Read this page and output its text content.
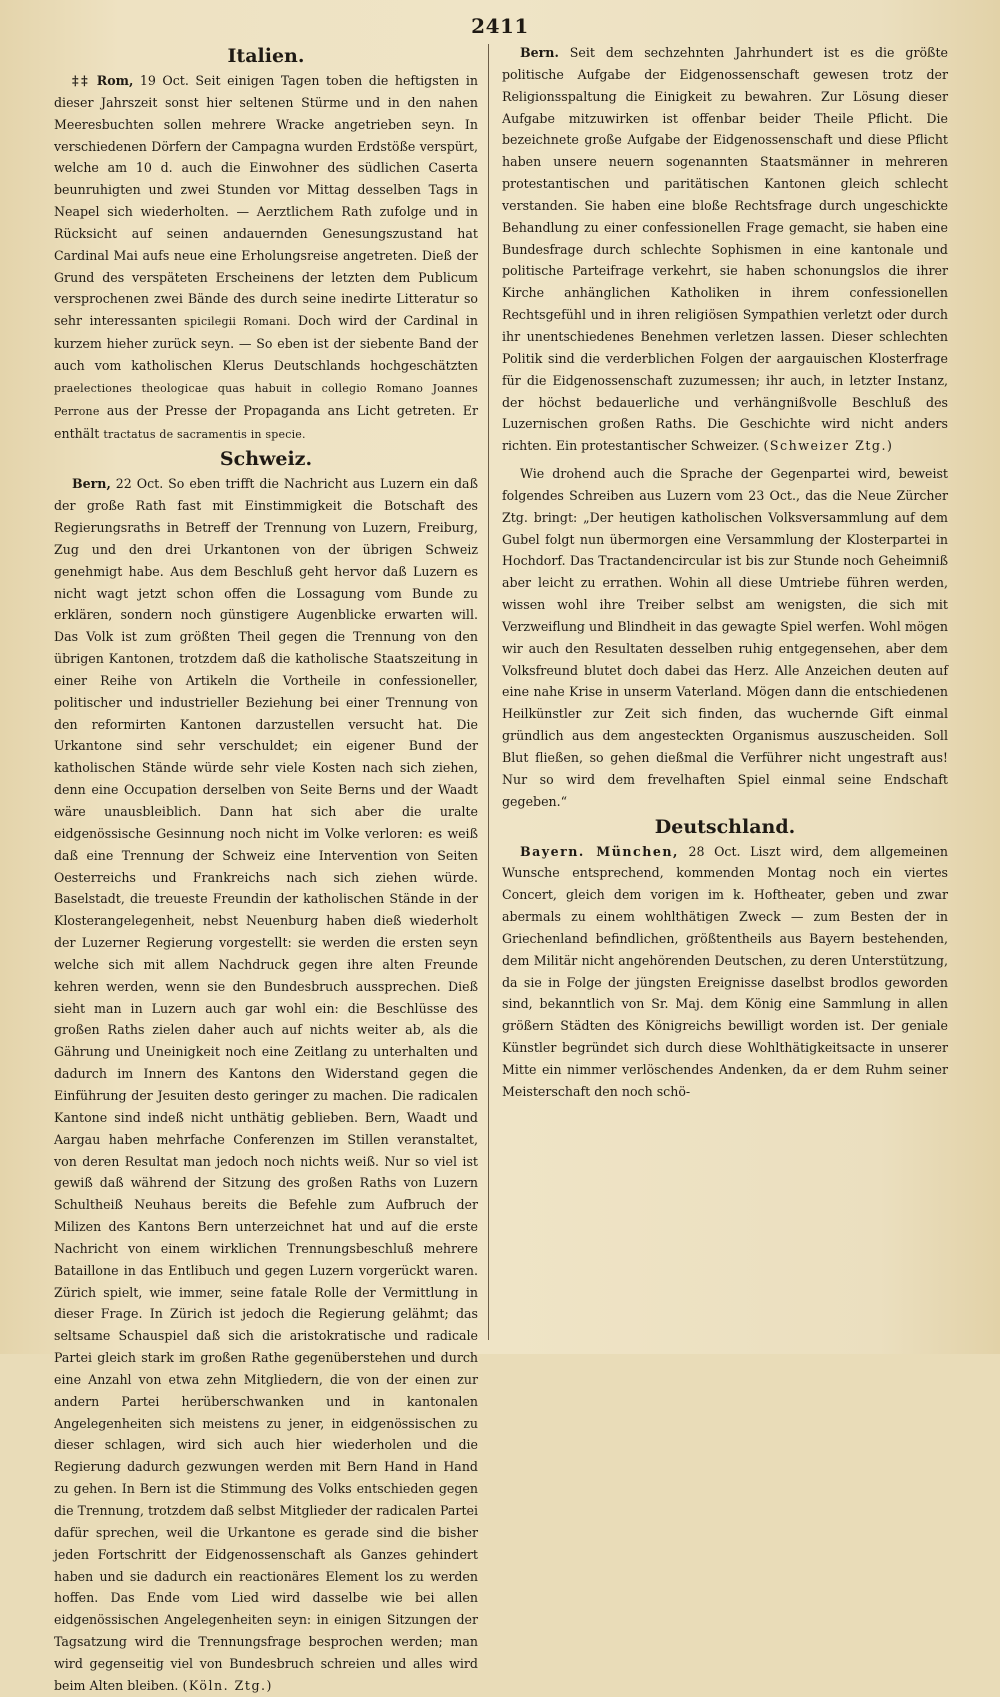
2411
Italien.

‡‡ Rom, 19 Oct. Seit einigen Tagen toben die heftigsten in dieser Jahrszeit sonst hier seltenen Stürme und in den nahen Meeresbuchten sollen mehrere Wracke angetrieben seyn. In verschiedenen Dörfern der Campagna wurden Erdstöße verspürt, welche am 10 d. auch die Einwohner des südlichen Caserta beunruhigten und zwei Stunden vor Mittag desselben Tags in Neapel sich wiederholten. — Aerztlichem Rath zufolge und in Rücksicht auf seinen andauernden Genesungszustand hat Cardinal Mai aufs neue eine Erholungsreise angetreten. Dieß der Grund des verspäteten Erscheinens der letzten dem Publicum versprochenen zwei Bände des durch seine inedirte Litteratur so sehr interessanten spicilegii Romani. Doch wird der Cardinal in kurzem hieher zurück seyn. — So eben ist der siebente Band der auch vom katholischen Klerus Deutschlands hochgeschätzten praelectiones theologicae quas habuit in collegio Romano Joannes Perrone aus der Presse der Propaganda ans Licht getreten. Er enthält tractatus de sacramentis in specie.

Schweiz.

Bern, 22 Oct. So eben trifft die Nachricht aus Luzern ein daß der große Rath fast mit Einstimmigkeit die Botschaft des Regierungsraths in Betreff der Trennung von Luzern, Freiburg, Zug und den drei Urkantonen von der übrigen Schweiz genehmigt habe. Aus dem Beschluß geht hervor daß Luzern es nicht wagt jetzt schon offen die Lossagung vom Bunde zu erklären, sondern noch günstigere Augenblicke erwarten will. Das Volk ist zum größten Theil gegen die Trennung von den übrigen Kantonen, trotzdem daß die katholische Staatszeitung in einer Reihe von Artikeln die Vortheile in confessioneller, politischer und industrieller Beziehung bei einer Trennung von den reformirten Kantonen darzustellen versucht hat. Die Urkantone sind sehr verschuldet; ein eigener Bund der katholischen Stände würde sehr viele Kosten nach sich ziehen, denn eine Occupation derselben von Seite Berns und der Waadt wäre unausbleiblich. Dann hat sich aber die uralte eidgenössische Gesinnung noch nicht im Volke verloren: es weiß daß eine Trennung der Schweiz eine Intervention von Seiten Oesterreichs und Frankreichs nach sich ziehen würde. Baselstadt, die treueste Freundin der katholischen Stände in der Klosterangelegenheit, nebst Neuenburg haben dieß wiederholt der Luzerner Regierung vorgestellt: sie werden die ersten seyn welche sich mit allem Nachdruck gegen ihre alten Freunde kehren werden, wenn sie den Bundesbruch aussprechen. Dieß sieht man in Luzern auch gar wohl ein: die Beschlüsse des großen Raths zielen daher auch auf nichts weiter ab, als die Gährung und Uneinigkeit noch eine Zeitlang zu unterhalten und dadurch im Innern des Kantons den Widerstand gegen die Einführung der Jesuiten desto geringer zu machen. Die radicalen Kantone sind indeß nicht unthätig geblieben. Bern, Waadt und Aargau haben mehrfache Conferenzen im Stillen veranstaltet, von deren Resultat man jedoch noch nichts weiß. Nur so viel ist gewiß daß während der Sitzung des großen Raths von Luzern Schultheiß Neuhaus bereits die Befehle zum Aufbruch der Milizen des Kantons Bern unterzeichnet hat und auf die erste Nachricht von einem wirklichen Trennungsbeschluß mehrere Bataillone in das Entlibuch und gegen Luzern vorgerückt waren. Zürich spielt, wie immer, seine fatale Rolle der Vermittlung in dieser Frage. In Zürich ist jedoch die Regierung gelähmt; das seltsame Schauspiel daß sich die aristokratische und radicale Partei gleich stark im großen Rathe gegenüberstehen und durch eine Anzahl von etwa zehn Mitgliedern, die von der einen zur andern Partei herüberschwanken und in kantonalen Angelegenheiten sich meistens zu jener, in eidgenössischen zu dieser schlagen, wird sich auch hier wiederholen und die Regierung dadurch gezwungen werden mit Bern Hand in Hand zu gehen. In Bern ist die Stimmung des Volks entschieden gegen die Trennung, trotzdem daß selbst Mitglieder der radicalen Partei dafür sprechen, weil die Urkantone es gerade sind die bisher jeden Fortschritt der Eidgenossenschaft als Ganzes gehindert haben und sie dadurch ein reactionäres Element los zu werden hoffen. Das Ende vom Lied wird dasselbe wie bei allen eidgenössischen Angelegenheiten seyn: in einigen Sitzungen der Tagsatzung wird die Trennungsfrage besprochen werden; man wird gegenseitig viel von Bundesbruch schreien und alles wird beim Alten bleiben. (Köln. Ztg.)

Bern. Seit dem sechzehnten Jahrhundert ist es die größte politische Aufgabe der Eidgenossenschaft gewesen trotz der Religionsspaltung die Einigkeit zu bewahren. Zur Lösung dieser Aufgabe mitzuwirken ist offenbar beider Theile Pflicht. Die bezeichnete große Aufgabe der Eidgenossenschaft und diese Pflicht haben unsere neuern sogenannten Staatsmänner in mehreren protestantischen und paritätischen Kantonen gleich schlecht verstanden. Sie haben eine bloße Rechtsfrage durch ungeschickte Behandlung zu einer confessionellen Frage gemacht, sie haben eine Bundesfrage durch schlechte Sophismen in eine kantonale und politische Parteifrage verkehrt, sie haben schonungslos die ihrer Kirche anhänglichen Katholiken in ihrem confessionellen Rechtsgefühl und in ihren religiösen Sympathien verletzt oder durch ihr unentschiedenes Benehmen verletzen lassen. Dieser schlechten Politik sind die verderblichen Folgen der aargauischen Klosterfrage für die Eidgenossenschaft zuzumessen; ihr auch, in letzter Instanz, der höchst bedauerliche und verhängnißvolle Beschluß des Luzernischen großen Raths. Die Geschichte wird nicht anders richten. Ein protestantischer Schweizer. (Schweizer Ztg.)

Wie drohend auch die Sprache der Gegenpartei wird, beweist folgendes Schreiben aus Luzern vom 23 Oct., das die Neue Zürcher Ztg. bringt: „Der heutigen katholischen Volksversammlung auf dem Gubel folgt nun übermorgen eine Versammlung der Klosterpartei in Hochdorf. Das Tractandencircular ist bis zur Stunde noch Geheimniß aber leicht zu errathen. Wohin all diese Umtriebe führen werden, wissen wohl ihre Treiber selbst am wenigsten, die sich mit Verzweiflung und Blindheit in das gewagte Spiel werfen. Wohl mögen wir auch den Resultaten desselben ruhig entgegensehen, aber dem Volksfreund blutet doch dabei das Herz. Alle Anzeichen deuten auf eine nahe Krise in unserm Vaterland. Mögen dann die entschiedenen Heilkünstler zur Zeit sich finden, das wuchernde Gift einmal gründlich aus dem angesteckten Organismus auszuscheiden. Soll Blut fließen, so gehen dießmal die Verführer nicht ungestraft aus! Nur so wird dem frevelhaften Spiel einmal seine Endschaft gegeben.“

Deutschland.

Bayern. München, 28 Oct. Liszt wird, dem allgemeinen Wunsche entsprechend, kommenden Montag noch ein viertes Concert, gleich dem vorigen im k. Hoftheater, geben und zwar abermals zu einem wohlthätigen Zweck — zum Besten der in Griechenland befindlichen, größtentheils aus Bayern bestehenden, dem Militär nicht angehörenden Deutschen, zu deren Unterstützung, da sie in Folge der jüngsten Ereignisse daselbst brodlos geworden sind, bekanntlich von Sr. Maj. dem König eine Sammlung in allen größern Städten des Königreichs bewilligt worden ist. Der geniale Künstler begründet sich durch diese Wohlthätigkeitsacte in unserer Mitte ein nimmer verlöschendes Andenken, da er dem Ruhm seiner Meisterschaft den noch schö-
